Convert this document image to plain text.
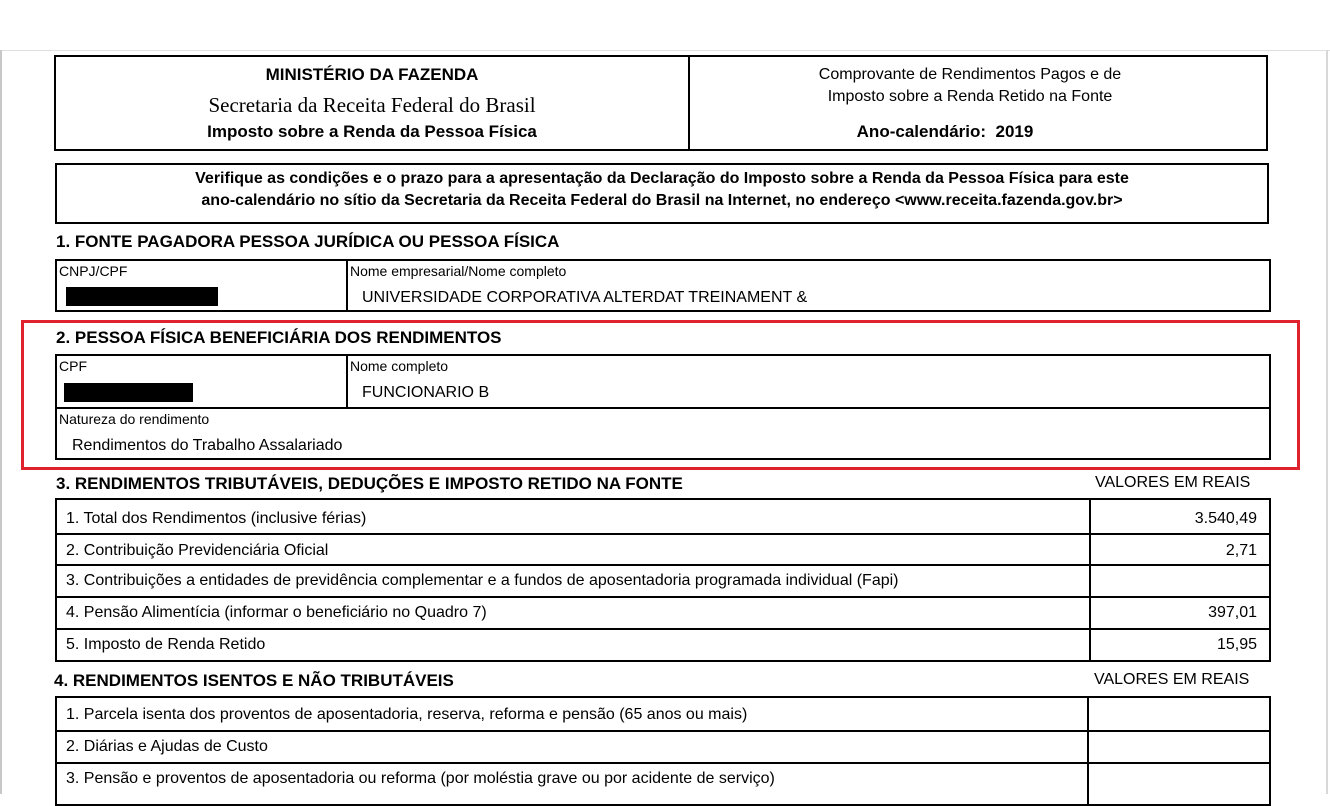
MINISTÉRIO DA FAZENDA
Secretaria da Receita Federal do Brasil
Imposto sobre a Renda da Pessoa Física
Comprovante de Rendimentos Pagos e de
Imposto sobre a Renda Retido na Fonte
Ano-calendário: 2019
Verifique as condições e o prazo para a apresentação da Declaração do Imposto sobre a Renda da Pessoa Física para este
ano-calendário no sítio da Secretaria da Receita Federal do Brasil na Internet, no endereço <www.receita.fazenda.gov.br>
1. FONTE PAGADORA PESSOA JURÍDICA OU PESSOA FÍSICA
CNPJ/CPF	Nome empresarial/Nome completo
UNIVERSIDADE CORPORATIVA ALTERDAT TREINAMENT &
2. PESSOA FÍSICA BENEFICIÁRIA DOS RENDIMENTOS
CPF	Nome completo
FUNCIONARIO B
Natureza do rendimento
Rendimentos do Trabalho Assalariado
3. RENDIMENTOS TRIBUTÁVEIS, DEDUÇÕES E IMPOSTO RETIDO NA FONTE	VALORES EM REAIS
1. Total dos Rendimentos (inclusive férias)	3.540,49
2. Contribuição Previdenciária Oficial	2,71
3. Contribuições a entidades de previdência complementar e a fundos de aposentadoria programada individual (Fapi)
4. Pensão Alimentícia (informar o beneficiário no Quadro 7)	397,01
5. Imposto de Renda Retido	15,95
4. RENDIMENTOS ISENTOS E NÃO TRIBUTÁVEIS	VALORES EM REAIS
1. Parcela isenta dos proventos de aposentadoria, reserva, reforma e pensão (65 anos ou mais)
2. Diárias e Ajudas de Custo
3. Pensão e proventos de aposentadoria ou reforma (por moléstia grave ou por acidente de serviço)
